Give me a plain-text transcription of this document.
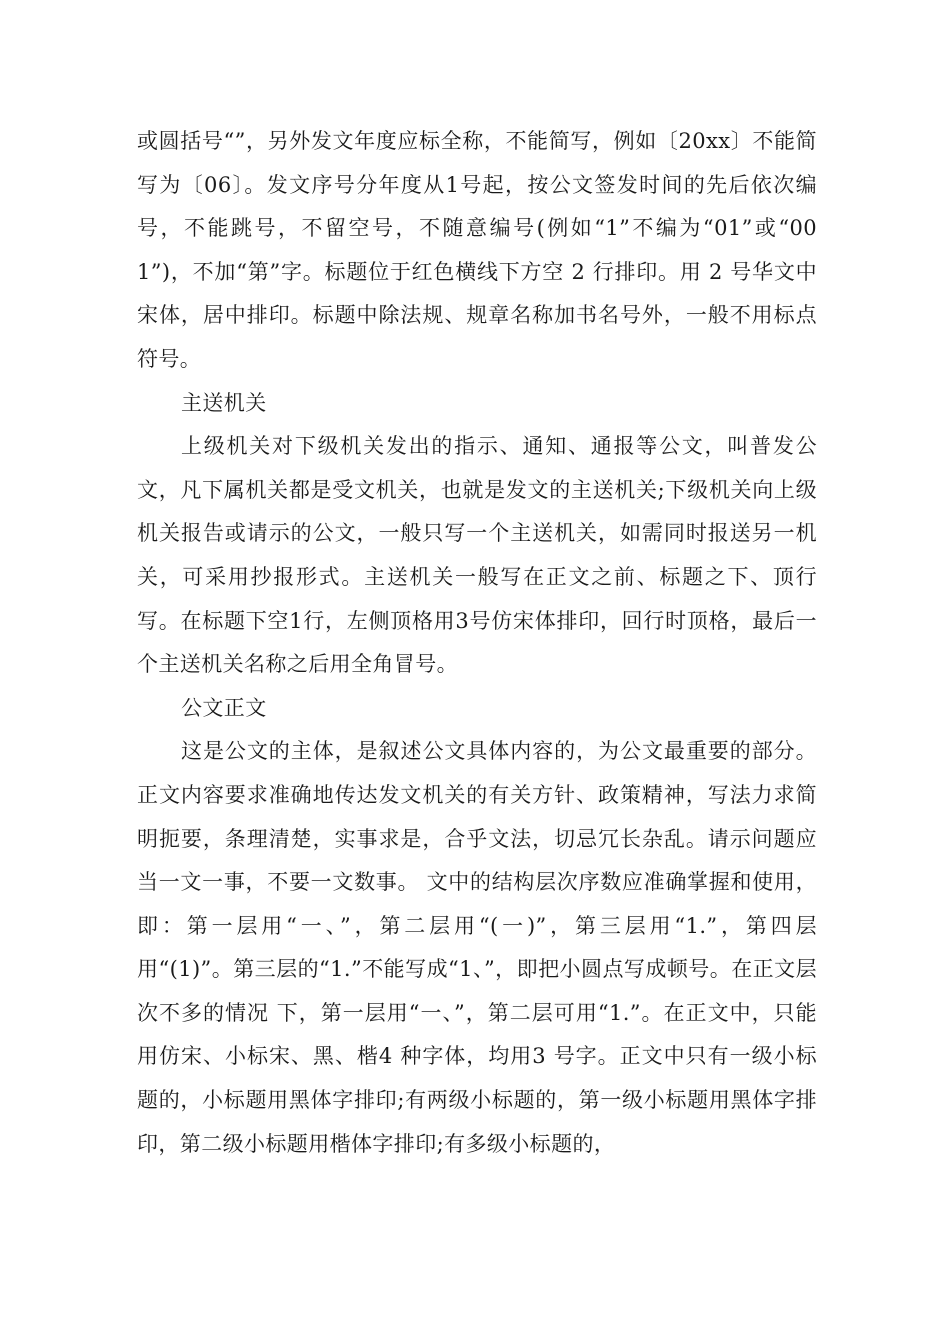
或圆括号“”，另外发文年度应标全称，不能简写，例如〔20xx〕不能简写为〔06〕。发文序号分年度从1号起，按公文签发时间的先后依次编号，不能跳号，不留空号，不随意编号(例如“1”不编为“01”或“001”)，不加“第”字。标题位于红色横线下方空 2 行排印。用 2 号华文中宋体，居中排印。标题中除法规、规章名称加书名号外，一般不用标点符号。

主送机关

上级机关对下级机关发出的指示、通知、通报等公文，叫普发公文，凡下属机关都是受文机关，也就是发文的主送机关;下级机关向上级机关报告或请示的公文，一般只写一个主送机关，如需同时报送另一机关，可采用抄报形式。主送机关一般写在正文之前、标题之下、顶行写。在标题下空1行，左侧顶格用3号仿宋体排印，回行时顶格，最后一个主送机关名称之后用全角冒号。

公文正文

这是公文的主体，是叙述公文具体内容的，为公文最重要的部分。正文内容要求准确地传达发文机关的有关方针、政策精神，写法力求简明扼要，条理清楚，实事求是，合乎文法，切忌冗长杂乱。请示问题应当一文一事，不要一文数事。 文中的结构层次序数应准确掌握和使用，即：第一层用“一、”，第二层用“(一)”，第三层用“1.”，第四层 用“(1)”。第三层的“1.”不能写成“1、”，即把小圆点写成顿号。在正文层次不多的情况 下，第一层用“一、”，第二层可用“1.”。在正文中，只能用仿宋、小标宋、黑、楷4 种字体，均用3 号字。正文中只有一级小标题的，小标题用黑体字排印;有两级小标题的，第一级小标题用黑体字排印，第二级小标题用楷体字排印;有多级小标题的，
